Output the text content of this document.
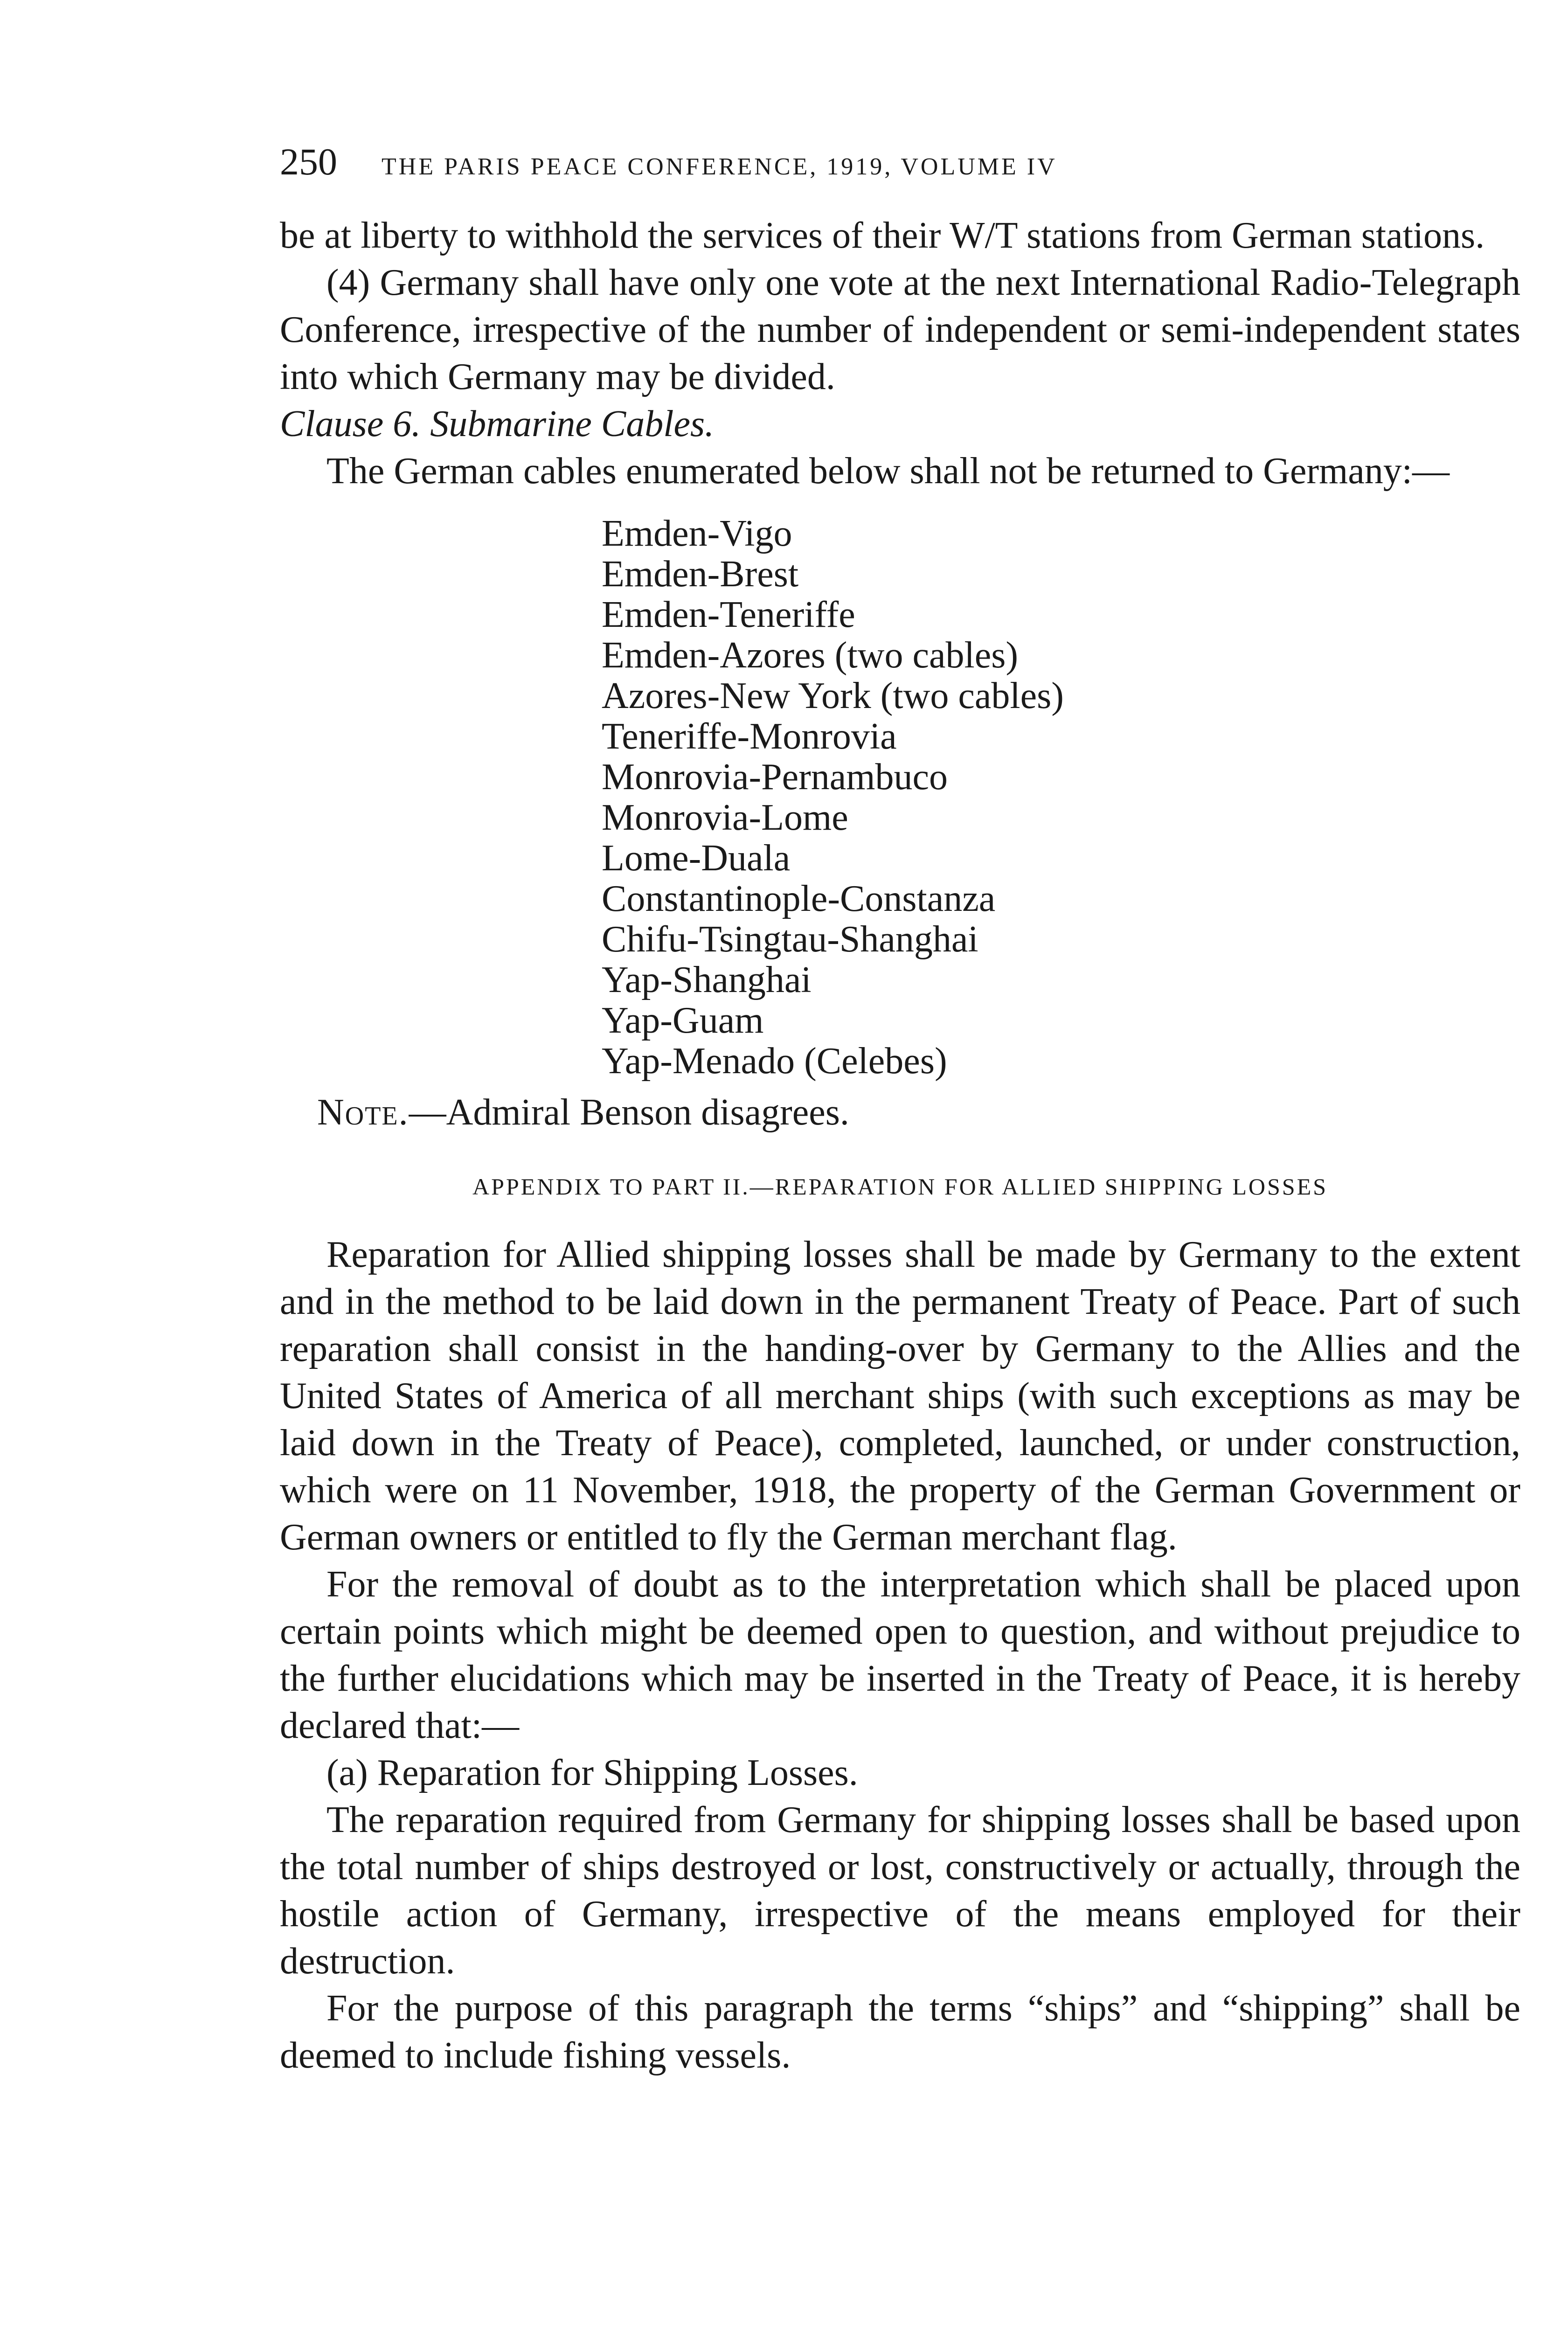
250 THE PARIS PEACE CONFERENCE, 1919, VOLUME IV

be at liberty to withhold the services of their W/T stations from German stations.

(4) Germany shall have only one vote at the next International Radio-Telegraph Conference, irrespective of the number of independent or semi-independent states into which Germany may be divided.

Clause 6. Submarine Cables.

The German cables enumerated below shall not be returned to Germany:—

Emden-Vigo
Emden-Brest
Emden-Teneriffe
Emden-Azores (two cables)
Azores-New York (two cables)
Teneriffe-Monrovia
Monrovia-Pernambuco
Monrovia-Lome
Lome-Duala
Constantinople-Constanza
Chifu-Tsingtau-Shanghai
Yap-Shanghai
Yap-Guam
Yap-Menado (Celebes)

Note.—Admiral Benson disagrees.

APPENDIX TO PART II.—REPARATION FOR ALLIED SHIPPING LOSSES

Reparation for Allied shipping losses shall be made by Germany to the extent and in the method to be laid down in the permanent Treaty of Peace. Part of such reparation shall consist in the handing-over by Germany to the Allies and the United States of America of all merchant ships (with such exceptions as may be laid down in the Treaty of Peace), completed, launched, or under construction, which were on 11 November, 1918, the property of the German Government or German owners or entitled to fly the German merchant flag.

For the removal of doubt as to the interpretation which shall be placed upon certain points which might be deemed open to question, and without prejudice to the further elucidations which may be inserted in the Treaty of Peace, it is hereby declared that:—

(a) Reparation for Shipping Losses.

The reparation required from Germany for shipping losses shall be based upon the total number of ships destroyed or lost, constructively or actually, through the hostile action of Germany, irrespective of the means employed for their destruction.

For the purpose of this paragraph the terms “ships” and “shipping” shall be deemed to include fishing vessels.
